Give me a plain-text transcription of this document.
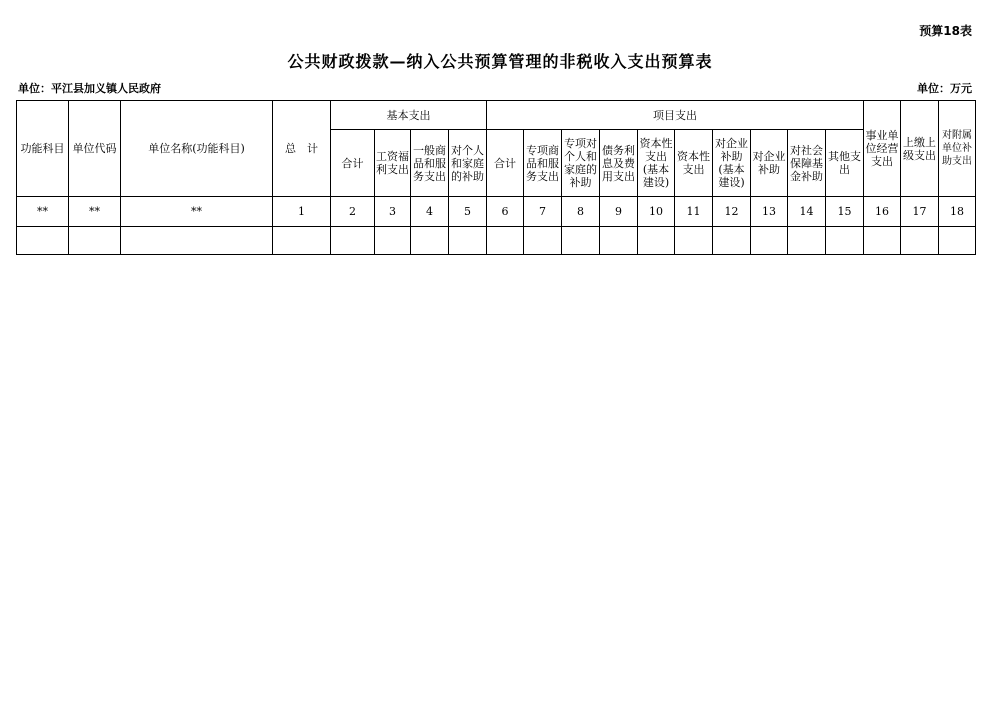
预算18表
公共财政拨款—纳入公共预算管理的非税收入支出预算表
单位：平江县加义镇人民政府	单位：万元
功能科目	单位代码	单位名称(功能科目)	总　计	基本支出				项目支出										事业单位经营支出	上缴上级支出	对附属单位补助支出

				合计	工资福利支出	一般商品和服务支出	对个人和家庭的补助	合计	专项商品和服务支出	专项对个人和家庭的补助	债务利息及费用支出	资本性支出(基本建设)	资本性支出	对企业补助(基本建设)	对企业补助	对社会保障基金补助	其他支出			

**	**	**	1	2	3	4	5	6	7	8	9	10	11	12	13	14	15	16	17	18
